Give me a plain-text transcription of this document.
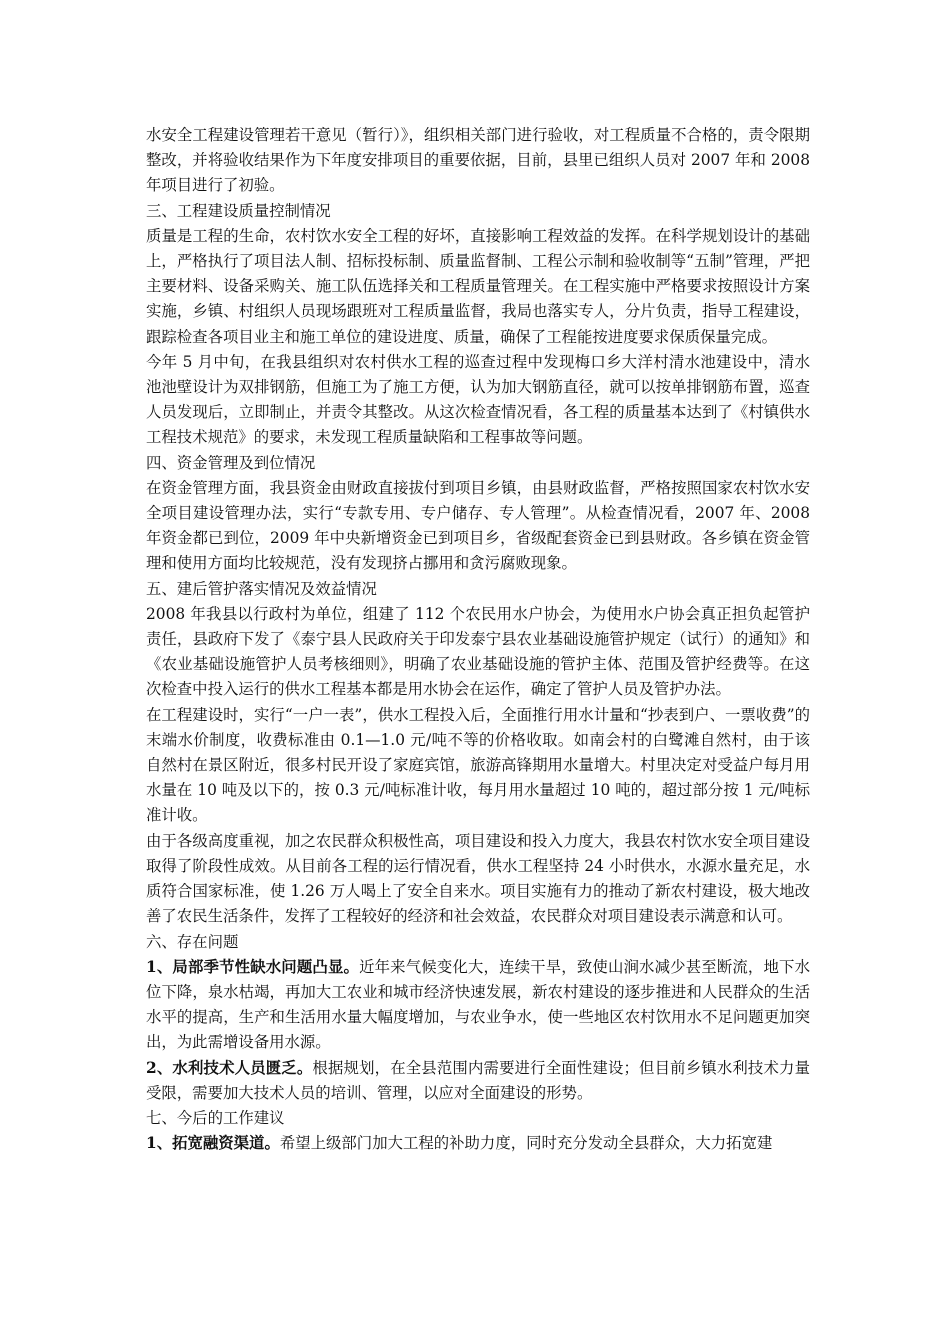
水安全工程建设管理若干意见（暂行）》，组织相关部门进行验收，对工程质量不合格的，责令限期整改，并将验收结果作为下年度安排项目的重要依据，目前，县里已组织人员对 2007 年和 2008 年项目进行了初验。

三、工程建设质量控制情况

质量是工程的生命，农村饮水安全工程的好坏，直接影响工程效益的发挥。在科学规划设计的基础上，严格执行了项目法人制、招标投标制、质量监督制、工程公示制和验收制等“五制”管理，严把主要材料、设备采购关、施工队伍选择关和工程质量管理关。在工程实施中严格要求按照设计方案实施，乡镇、村组织人员现场跟班对工程质量监督，我局也落实专人，分片负责，指导工程建设，跟踪检查各项目业主和施工单位的建设进度、质量，确保了工程能按进度要求保质保量完成。

今年 5 月中旬，在我县组织对农村供水工程的巡查过程中发现梅口乡大洋村清水池建设中，清水池池壁设计为双排钢筋，但施工为了施工方便，认为加大钢筋直径，就可以按单排钢筋布置，巡查人员发现后，立即制止，并责令其整改。从这次检查情况看，各工程的质量基本达到了《村镇供水工程技术规范》的要求，未发现工程质量缺陷和工程事故等问题。

四、资金管理及到位情况

在资金管理方面，我县资金由财政直接拔付到项目乡镇，由县财政监督，严格按照国家农村饮水安全项目建设管理办法，实行“专款专用、专户储存、专人管理”。从检查情况看，2007 年、2008 年资金都已到位，2009 年中央新增资金已到项目乡，省级配套资金已到县财政。各乡镇在资金管理和使用方面均比较规范，没有发现挤占挪用和贪污腐败现象。

五、建后管护落实情况及效益情况

2008 年我县以行政村为单位，组建了 112 个农民用水户协会，为使用水户协会真正担负起管护责任，县政府下发了《泰宁县人民政府关于印发泰宁县农业基础设施管护规定（试行）的通知》和《农业基础设施管护人员考核细则》，明确了农业基础设施的管护主体、范围及管护经费等。在这次检查中投入运行的供水工程基本都是用水协会在运作，确定了管护人员及管护办法。

在工程建设时，实行“一户一表”，供水工程投入后，全面推行用水计量和“抄表到户、一票收费”的末端水价制度，收费标准由 0.1—1.0 元/吨不等的价格收取。如南会村的白鹭滩自然村，由于该自然村在景区附近，很多村民开设了家庭宾馆，旅游高锋期用水量增大。村里决定对受益户每月用水量在 10 吨及以下的，按 0.3 元/吨标准计收，每月用水量超过 10 吨的，超过部分按 1 元/吨标准计收。

由于各级高度重视，加之农民群众积极性高，项目建设和投入力度大，我县农村饮水安全项目建设取得了阶段性成效。从目前各工程的运行情况看，供水工程坚持 24 小时供水，水源水量充足，水质符合国家标准，使 1.26 万人喝上了安全自来水。项目实施有力的推动了新农村建设，极大地改善了农民生活条件，发挥了工程较好的经济和社会效益，农民群众对项目建设表示满意和认可。

六、存在问题

1、局部季节性缺水问题凸显。近年来气候变化大，连续干旱，致使山涧水减少甚至断流，地下水位下降，泉水枯竭，再加大工农业和城市经济快速发展，新农村建设的逐步推进和人民群众的生活水平的提高，生产和生活用水量大幅度增加，与农业争水，使一些地区农村饮用水不足问题更加突出，为此需增设备用水源。

2、水利技术人员匮乏。根据规划，在全县范围内需要进行全面性建设；但目前乡镇水利技术力量受限，需要加大技术人员的培训、管理，以应对全面建设的形势。

七、今后的工作建议

1、拓宽融资渠道。希望上级部门加大工程的补助力度，同时充分发动全县群众，大力拓宽建
